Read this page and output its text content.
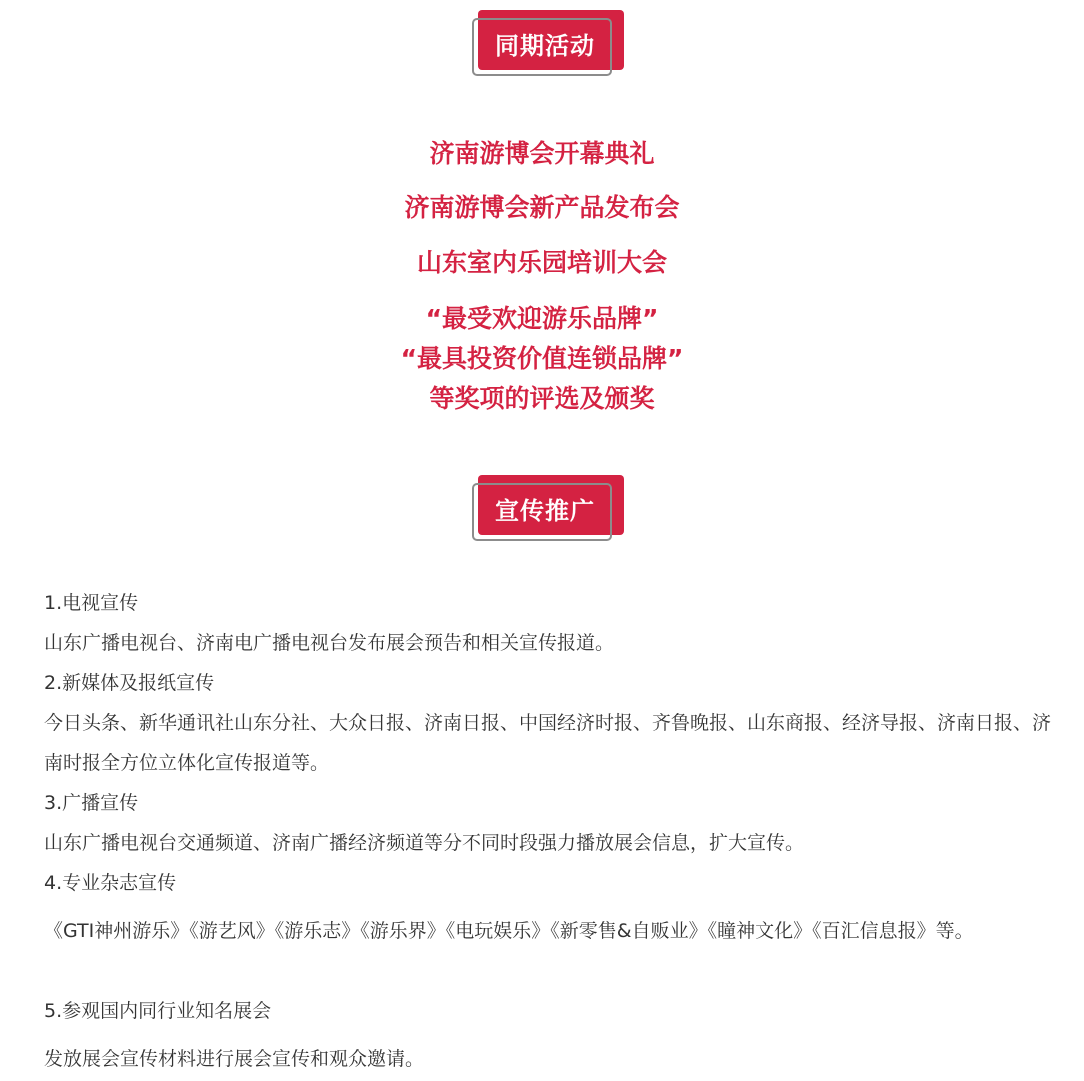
同期活动

济南游博会开幕典礼

济南游博会新产品发布会

山东室内乐园培训大会

“最受欢迎游乐品牌”

“最具投资价值连锁品牌”

等奖项的评选及颁奖

宣传推广

1.电视宣传

山东广播电视台、济南电广播电视台发布展会预告和相关宣传报道。

2.新媒体及报纸宣传

今日头条、新华通讯社山东分社、大众日报、济南日报、中国经济时报、齐鲁晚报、山东商报、经济导报、济南日报、济南时报全方位立体化宣传报道等。

3.广播宣传

山东广播电视台交通频道、济南广播经济频道等分不同时段强力播放展会信息，扩大宣传。

4.专业杂志宣传

《GTI神州游乐》《游艺风》《游乐志》《游乐界》《电玩娱乐》《新零售&自贩业》《瞳神文化》《百汇信息报》等。

5.参观国内同行业知名展会

发放展会宣传材料进行展会宣传和观众邀请。
